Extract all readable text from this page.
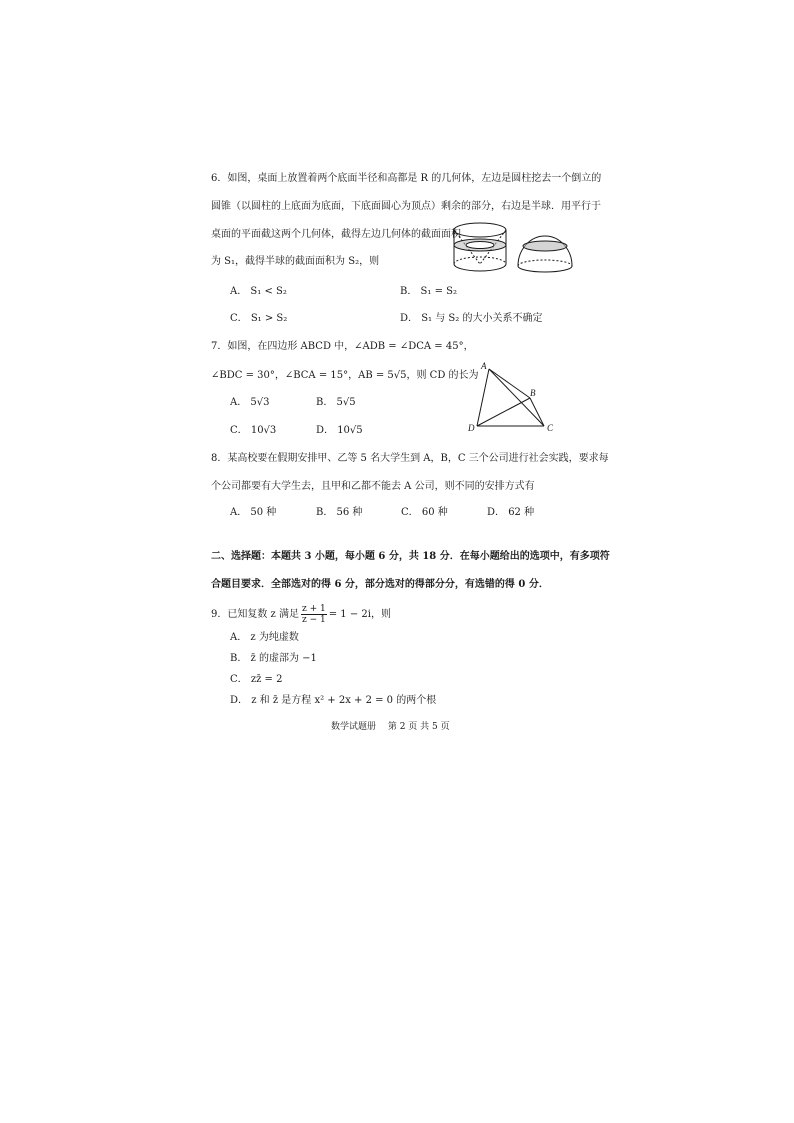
6．如图，桌面上放置着两个底面半径和高都是 R 的几何体，左边是圆柱挖去一个倒立的
圆锥（以圆柱的上底面为底面，下底面圆心为顶点）剩余的部分，右边是半球．用平行于
桌面的平面截这两个几何体，截得左边几何体的截面面积
为 S₁，截得半球的截面面积为 S₂，则
A． S₁ < S₂	B． S₁ = S₂
C． S₁ > S₂	D． S₁ 与 S₂ 的大小关系不确定
7．如图，在四边形 ABCD 中，∠ADB = ∠DCA = 45°，
∠BDC = 30°，∠BCA = 15°，AB = 5√5，则 CD 的长为
A． 5√3	B． 5√5
C． 10√3	D． 10√5
A
B
C
D
8．某高校要在假期安排甲、乙等 5 名大学生到 A，B，C 三个公司进行社会实践，要求每
个公司都要有大学生去，且甲和乙都不能去 A 公司，则不同的安排方式有
A． 50 种	B． 56 种	C． 60 种	D． 62 种
二、选择题：本题共 3 小题，每小题 6 分，共 18 分．在每小题给出的选项中，有多项符
合题目要求．全部选对的得 6 分，部分选对的得部分分，有选错的得 0 分．
9．已知复数 z 满足 $\frac{z + 1}{z - 1} = 1 - 2i$，则
A． z 为纯虚数
B． z̄ 的虚部为 −1
C． zz̄ = 2
D． z 和 z̄ 是方程 x² + 2x + 2 = 0 的两个根
数学试题册　 第 2 页 共 5 页
